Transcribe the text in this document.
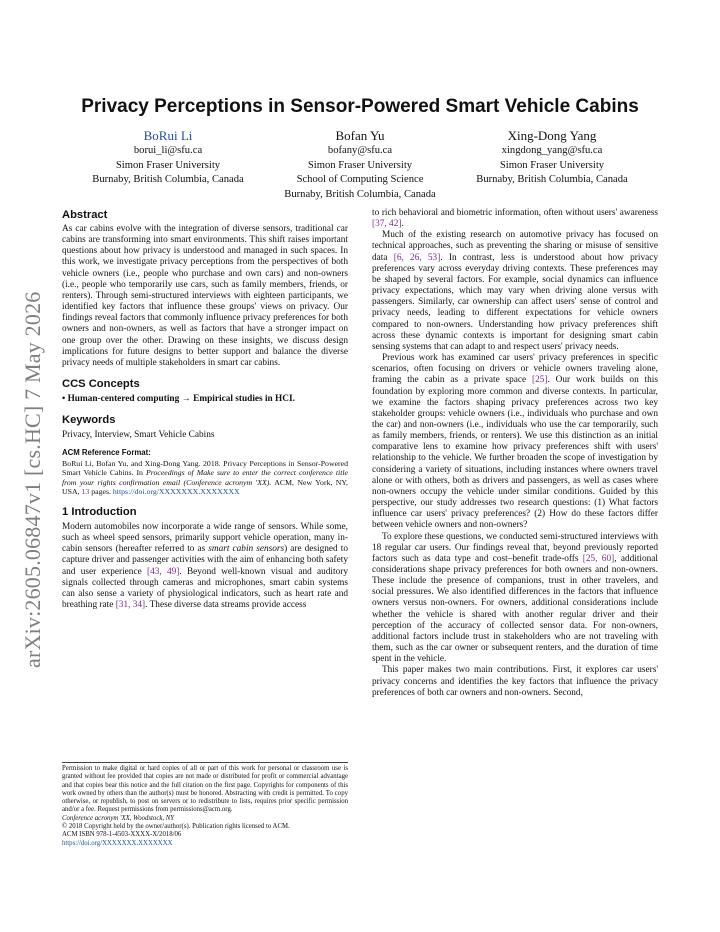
arXiv:2605.06847v1 [cs.HC] 7 May 2026
Privacy Perceptions in Sensor-Powered Smart Vehicle Cabins
BoRui Li
borui_li@sfu.ca
Simon Fraser University
Burnaby, British Columbia, Canada
Bofan Yu
bofany@sfu.ca
Simon Fraser University
School of Computing Science
Burnaby, British Columbia, Canada
Xing-Dong Yang
xingdong_yang@sfu.ca
Simon Fraser University
Burnaby, British Columbia, Canada
Abstract

As car cabins evolve with the integration of diverse sensors, traditional car cabins are transforming into smart environments. This shift raises important questions about how privacy is understood and managed in such spaces. In this work, we investigate privacy perceptions from the perspectives of both vehicle owners (i.e., people who purchase and own cars) and non-owners (i.e., people who temporarily use cars, such as family members, friends, or renters). Through semi-structured interviews with eighteen participants, we identified key factors that influence these groups' views on privacy. Our findings reveal factors that commonly influence privacy preferences for both owners and non-owners, as well as factors that have a stronger impact on one group over the other. Drawing on these insights, we discuss design implications for future designs to better support and balance the diverse privacy needs of multiple stakeholders in smart car cabins.

CCS Concepts

• Human-centered computing → Empirical studies in HCI.

Keywords

Privacy, Interview, Smart Vehicle Cabins

ACM Reference Format:

BoRui Li, Bofan Yu, and Xing-Dong Yang. 2018. Privacy Perceptions in Sensor-Powered Smart Vehicle Cabins. In Proceedings of Make sure to enter the correct conference title from your rights confirmation email (Conference acronym 'XX). ACM, New York, NY, USA, 13 pages. https://doi.org/XXXXXXX.XXXXXXX

1 Introduction

Modern automobiles now incorporate a wide range of sensors. While some, such as wheel speed sensors, primarily support vehicle operation, many in-cabin sensors (hereafter referred to as smart cabin sensors) are designed to capture driver and passenger activities with the aim of enhancing both safety and user experience [43, 49]. Beyond well-known visual and auditory signals collected through cameras and microphones, smart cabin systems can also sense a variety of physiological indicators, such as heart rate and breathing rate [31, 34]. These diverse data streams provide access

Permission to make digital or hard copies of all or part of this work for personal or classroom use is granted without fee provided that copies are not made or distributed for profit or commercial advantage and that copies bear this notice and the full citation on the first page. Copyrights for components of this work owned by others than the author(s) must be honored. Abstracting with credit is permitted. To copy otherwise, or republish, to post on servers or to redistribute to lists, requires prior specific permission and/or a fee. Request permissions from permissions@acm.org.

Conference acronym 'XX, Woodstock, NY

© 2018 Copyright held by the owner/author(s). Publication rights licensed to ACM.

ACM ISBN 978-1-4503-XXXX-X/2018/06

https://doi.org/XXXXXXX.XXXXXXX

to rich behavioral and biometric information, often without users' awareness [37, 42].

Much of the existing research on automotive privacy has focused on technical approaches, such as preventing the sharing or misuse of sensitive data [6, 26, 53]. In contrast, less is understood about how privacy preferences vary across everyday driving contexts. These preferences may be shaped by several factors. For example, social dynamics can influence privacy expectations, which may vary when driving alone versus with passengers. Similarly, car ownership can affect users' sense of control and privacy needs, leading to different expectations for vehicle owners compared to non-owners. Understanding how privacy preferences shift across these dynamic contexts is important for designing smart cabin sensing systems that can adapt to and respect users' privacy needs.

Previous work has examined car users' privacy preferences in specific scenarios, often focusing on drivers or vehicle owners traveling alone, framing the cabin as a private space [25]. Our work builds on this foundation by exploring more common and diverse contexts. In particular, we examine the factors shaping privacy preferences across two key stakeholder groups: vehicle owners (i.e., individuals who purchase and own the car) and non-owners (i.e., individuals who use the car temporarily, such as family members, friends, or renters). We use this distinction as an initial comparative lens to examine how privacy preferences shift with users' relationship to the vehicle. We further broaden the scope of investigation by considering a variety of situations, including instances where owners travel alone or with others, both as drivers and passengers, as well as cases where non-owners occupy the vehicle under similar conditions. Guided by this perspective, our study addresses two research questions: (1) What factors influence car users' privacy preferences? (2) How do these factors differ between vehicle owners and non-owners?

To explore these questions, we conducted semi-structured interviews with 18 regular car users. Our findings reveal that, beyond previously reported factors such as data type and cost–benefit trade-offs [25, 60], additional considerations shape privacy preferences for both owners and non-owners. These include the presence of companions, trust in other travelers, and social pressures. We also identified differences in the factors that influence owners versus non-owners. For owners, additional considerations include whether the vehicle is shared with another regular driver and their perception of the accuracy of collected sensor data. For non-owners, additional factors include trust in stakeholders who are not traveling with them, such as the car owner or subsequent renters, and the duration of time spent in the vehicle.

This paper makes two main contributions. First, it explores car users' privacy concerns and identifies the key factors that influence the privacy preferences of both car owners and non-owners. Second,
